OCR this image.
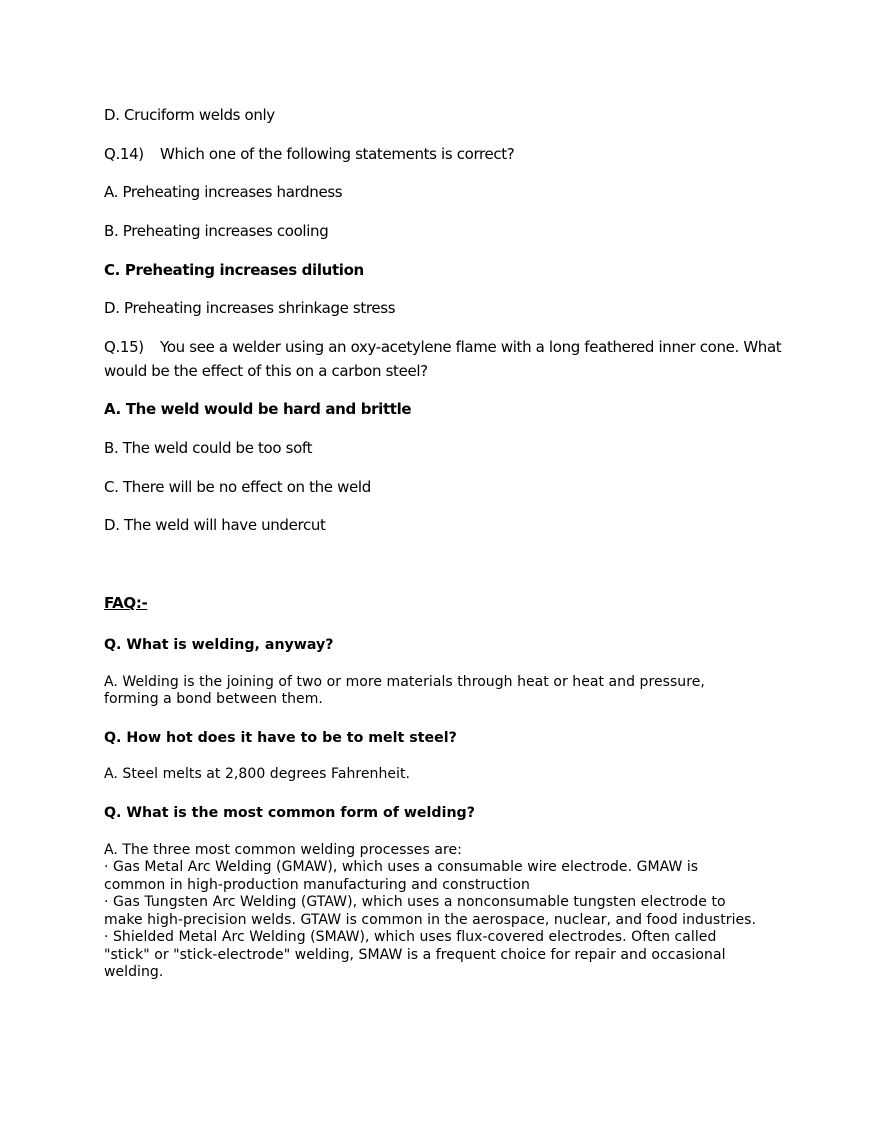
D. Cruciform welds only
Q.14) Which one of the following statements is correct?
A. Preheating increases hardness
B. Preheating increases cooling
C. Preheating increases dilution
D. Preheating increases shrinkage stress
Q.15) You see a welder using an oxy-acetylene flame with a long feathered inner cone. What
would be the effect of this on a carbon steel?
A. The weld would be hard and brittle
B. The weld could be too soft
C. There will be no effect on the weld
D. The weld will have undercut
FAQ:-
Q. What is welding, anyway?
A. Welding is the joining of two or more materials through heat or heat and pressure,
forming a bond between them.
Q. How hot does it have to be to melt steel?
A. Steel melts at 2,800 degrees Fahrenheit.
Q. What is the most common form of welding?
A. The three most common welding processes are:
· Gas Metal Arc Welding (GMAW), which uses a consumable wire electrode. GMAW is
common in high-production manufacturing and construction
· Gas Tungsten Arc Welding (GTAW), which uses a nonconsumable tungsten electrode to
make high-precision welds. GTAW is common in the aerospace, nuclear, and food industries.
· Shielded Metal Arc Welding (SMAW), which uses flux-covered electrodes. Often called
"stick" or "stick-electrode" welding, SMAW is a frequent choice for repair and occasional
welding.
